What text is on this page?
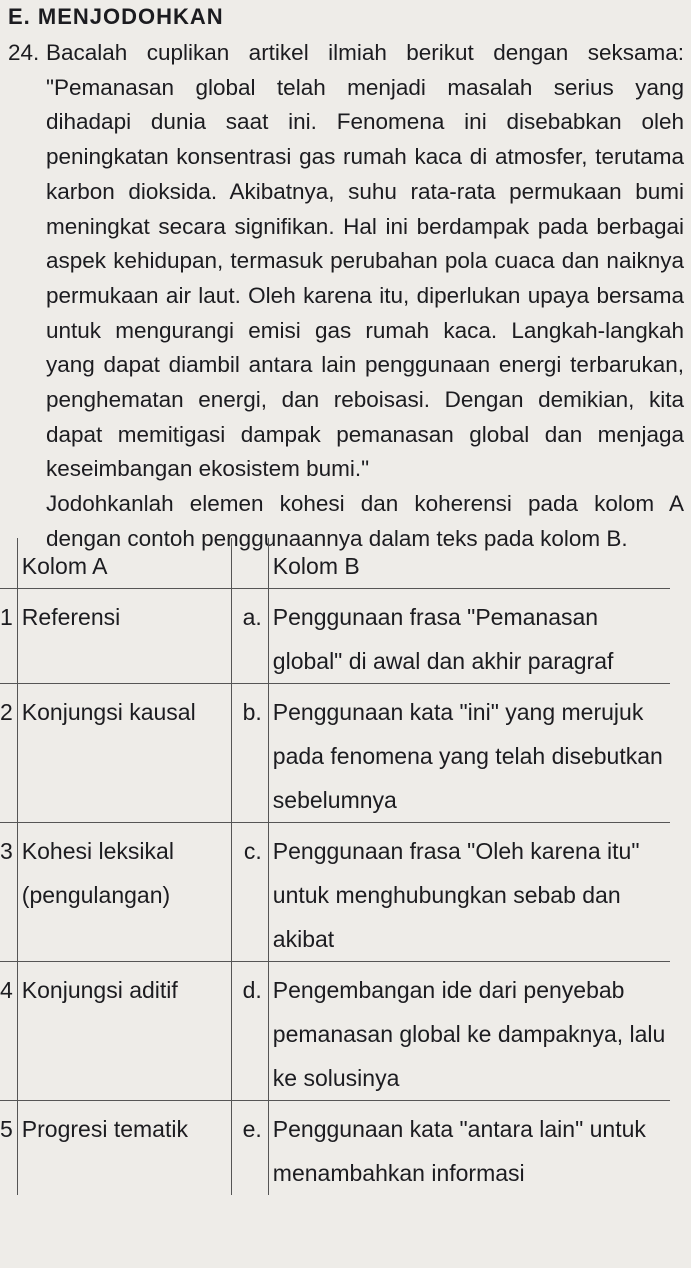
E. MENJODOHKAN
24. Bacalah cuplikan artikel ilmiah berikut dengan seksama: "Pemanasan global telah menjadi masalah serius yang dihadapi dunia saat ini. Fenomena ini disebabkan oleh peningkatan konsentrasi gas rumah kaca di atmosfer, terutama karbon dioksida. Akibatnya, suhu rata-rata permukaan bumi meningkat secara signifikan. Hal ini berdampak pada berbagai aspek kehidupan, termasuk perubahan pola cuaca dan naiknya permukaan air laut. Oleh karena itu, diperlukan upaya bersama untuk mengurangi emisi gas rumah kaca. Langkah-langkah yang dapat diambil antara lain penggunaan energi terbarukan, penghematan energi, dan reboisasi. Dengan demikian, kita dapat memitigasi dampak pemanasan global dan menjaga keseimbangan ekosistem bumi."

Jodohkanlah elemen kohesi dan koherensi pada kolom A dengan contoh penggunaannya dalam teks pada kolom B.

	Kolom A		Kolom B
1	Referensi	a.	Penggunaan frasa "Pemanasan global" di awal dan akhir paragraf
2	Konjungsi kausal	b.	Penggunaan kata "ini" yang merujuk pada fenomena yang telah disebutkan sebelumnya
3	Kohesi leksikal (pengulangan)	c.	Penggunaan frasa "Oleh karena itu" untuk menghubungkan sebab dan akibat
4	Konjungsi aditif	d.	Pengembangan ide dari penyebab pemanasan global ke dampaknya, lalu ke solusinya
5	Progresi tematik	e.	Penggunaan kata "antara lain" untuk menambahkan informasi
